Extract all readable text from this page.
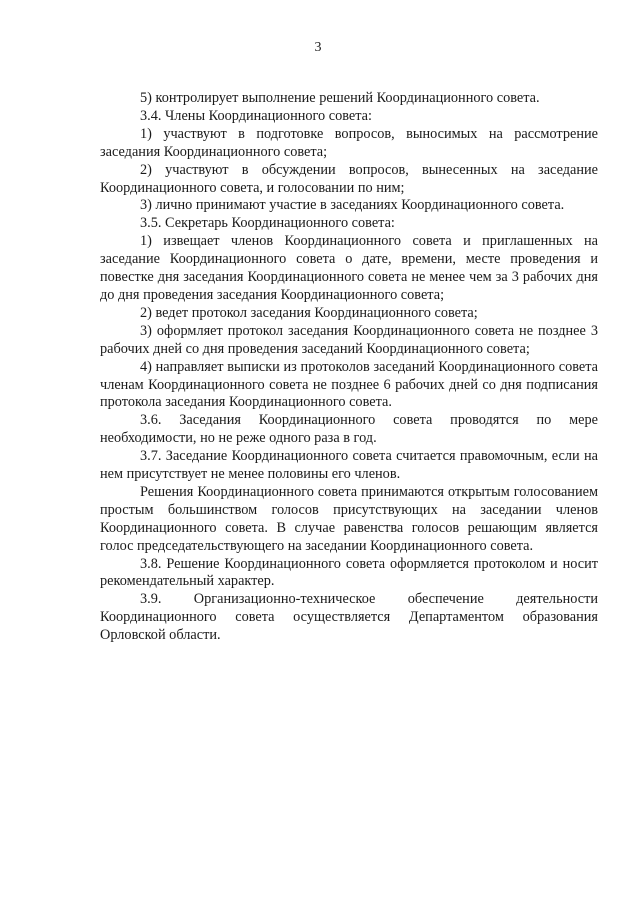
3

5) контролирует выполнение решений Координационного совета.

3.4. Члены Координационного совета:

1) участвуют в подготовке вопросов, выносимых на рассмотрение заседания Координационного совета;

2) участвуют в обсуждении вопросов, вынесенных на заседание Координационного совета, и голосовании по ним;

3) лично принимают участие в заседаниях Координационного совета.

3.5. Секретарь Координационного совета:

1) извещает членов Координационного совета и приглашенных на заседание Координационного совета о дате, времени, месте проведения и повестке дня заседания Координационного совета не менее чем за 3 рабочих дня до дня проведения заседания Координационного совета;

2) ведет протокол заседания Координационного совета;

3) оформляет протокол заседания Координационного совета не позднее 3 рабочих дней со дня проведения заседаний Координационного совета;

4) направляет выписки из протоколов заседаний Координационного совета членам Координационного совета не позднее 6 рабочих дней со дня подписания протокола заседания Координационного совета.

3.6. Заседания Координационного совета проводятся по мере необходимости, но не реже одного раза в год.

3.7. Заседание Координационного совета считается правомочным, если на нем присутствует не менее половины его членов.

Решения Координационного совета принимаются открытым голосованием простым большинством голосов присутствующих на заседании членов Координационного совета. В случае равенства голосов решающим является голос председательствующего на заседании Координационного совета.

3.8. Решение Координационного совета оформляется протоколом и носит рекомендательный характер.

3.9. Организационно-техническое обеспечение деятельности Координационного совета осуществляется Департаментом образования Орловской области.
